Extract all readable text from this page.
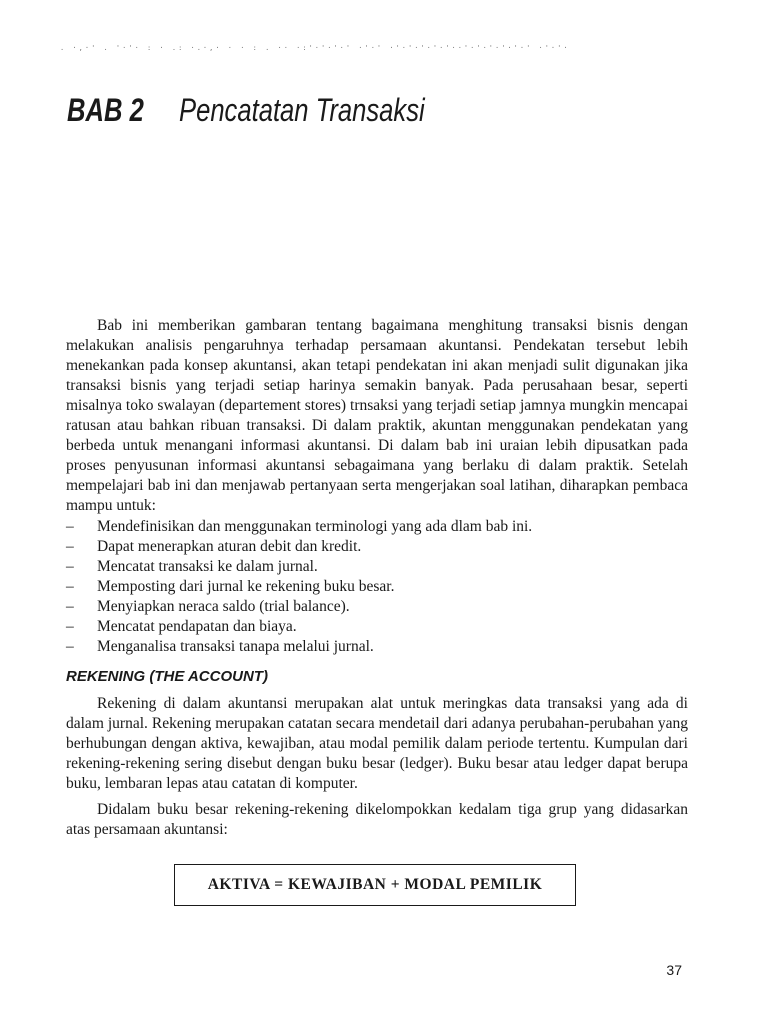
. ·,·' . '·'· : · .: ·.·,· · · : . ·· ·:'·'·'·' ·'·' ·'·'·'·'·'··'·'·'·'·'·' ·'·'·
BAB 2 Pencatatan Transaksi

Bab ini memberikan gambaran tentang bagaimana menghitung transaksi bisnis dengan melakukan analisis pengaruhnya terhadap persamaan akuntansi. Pendekatan tersebut lebih menekankan pada konsep akuntansi, akan tetapi pendekatan ini akan menjadi sulit digunakan jika transaksi bisnis yang terjadi setiap harinya semakin banyak. Pada perusahaan besar, seperti misalnya toko swalayan (departement stores) trnsaksi yang terjadi setiap jamnya mungkin mencapai ratusan atau bahkan ribuan transaksi. Di dalam praktik, akuntan menggunakan pendekatan yang berbeda untuk menangani informasi akuntansi. Di dalam bab ini uraian lebih dipusatkan pada proses penyusunan informasi akuntansi sebagaimana yang berlaku di dalam praktik. Setelah mempelajari bab ini dan menjawab pertanyaan serta mengerjakan soal latihan, diharapkan pembaca mampu untuk:

– Mendefinisikan dan menggunakan terminologi yang ada dlam bab ini.
– Dapat menerapkan aturan debit dan kredit.
– Mencatat transaksi ke dalam jurnal.
– Memposting dari jurnal ke rekening buku besar.
– Menyiapkan neraca saldo (trial balance).
– Mencatat pendapatan dan biaya.
– Menganalisa transaksi tanapa melalui jurnal.
REKENING (THE ACCOUNT)

Rekening di dalam akuntansi merupakan alat untuk meringkas data transaksi yang ada di dalam jurnal. Rekening merupakan catatan secara mendetail dari adanya perubahan-perubahan yang berhubungan dengan aktiva, kewajiban, atau modal pemilik dalam periode tertentu. Kumpulan dari rekening-rekening sering disebut dengan buku besar (ledger). Buku besar atau ledger dapat berupa buku, lembaran lepas atau catatan di komputer.

Didalam buku besar rekening-rekening dikelompokkan kedalam tiga grup yang didasarkan atas persamaan akuntansi:

AKTIVA = KEWAJIBAN + MODAL PEMILIK
37
